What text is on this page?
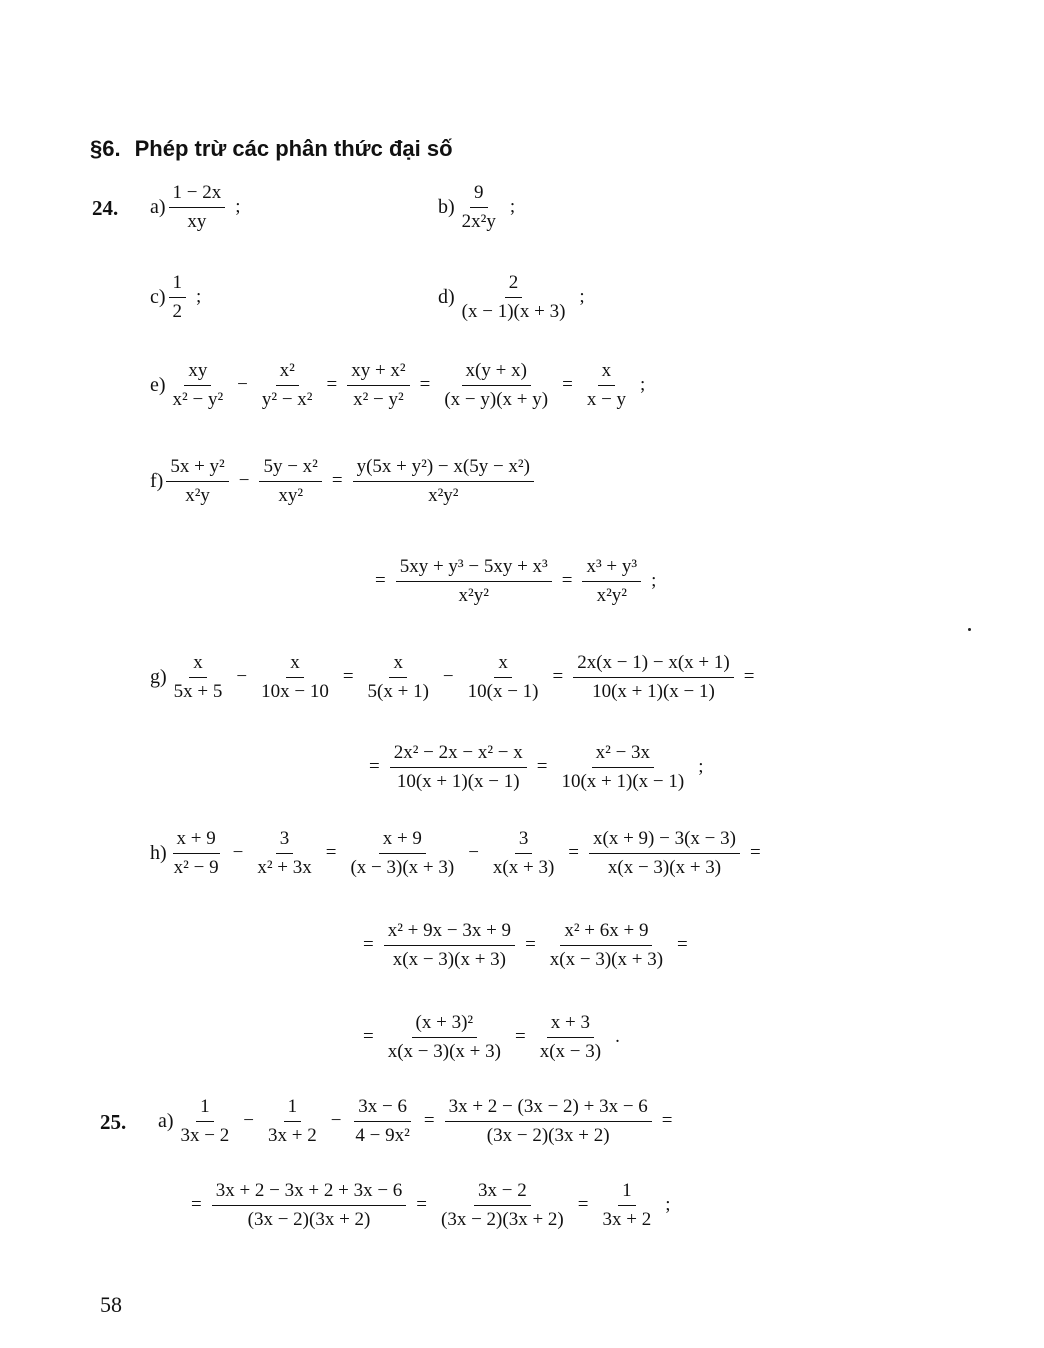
§6. Phép trừ các phân thức đại số
24. $a) \frac{1 - 2x}{xy}$ ;	$b) \frac{9}{\text{2x²y}}$ ;
$c) \frac{1}{2}$ ;	$d) \frac{2}{(x - 1)(x + 3)}$ ;
$e) \frac{xy}{\text{x² − y²}} - \frac{\text{x²}}{\text{y² − x²}} = \frac{\text{xy + x²}}{\text{x² − y²}} = \frac{x(y + x)}{(x - y)(x + y)} = \frac{x}{x - y}$ ;
$f) \frac{\text{5x + y²}}{\text{x²y}} - \frac{\text{5y − x²}}{\text{xy²}} = \frac{\text{y(5x + y²) − x(5y − x²)}}{\text{x²y²}}$
= $\frac{\text{5xy + y³ − 5xy + x³}}{\text{x²y²}} = \frac{\text{x³ + y³}}{\text{x²y²}}$ ;
$g) \frac{x}{5x + 5} - \frac{x}{10x - 10} = \frac{x}{5(x + 1)} - \frac{x}{10(x - 1)} = \frac{2x(x - 1) - x(x + 1)}{10(x + 1)(x - 1)}$ =
= $\frac{\text{2x² − 2x − x² − x}}{10(x + 1)(x - 1)} = \frac{\text{x² − 3x}}{10(x + 1)(x - 1)}$ ;
$h) \frac{x + 9}{\text{x² − 9}} - \frac{3}{\text{x² + 3x}} = \frac{x + 9}{(x - 3)(x + 3)} - \frac{3}{x(x + 3)} = \frac{x(x + 9) - 3(x - 3)}{x(x - 3)(x + 3)}$ =
= $\frac{\text{x² + 9x − 3x + 9}}{x(x - 3)(x + 3)} = \frac{\text{x² + 6x + 9}}{x(x - 3)(x + 3)}$ =
= $\frac{\text{(x + 3)²}}{x(x - 3)(x + 3)} = \frac{x + 3}{x(x - 3)}$ .
25. $a) \frac{1}{3x - 2} - \frac{1}{3x + 2} - \frac{3x - 6}{\text{4 − 9x²}} = \frac{3x + 2 - (3x - 2) + 3x - 6}{(3x - 2)(3x + 2)}$ =
= $\frac{3x + 2 - 3x + 2 + 3x - 6}{(3x - 2)(3x + 2)} = \frac{3x - 2}{(3x - 2)(3x + 2)} = \frac{1}{3x + 2}$ ;
58
